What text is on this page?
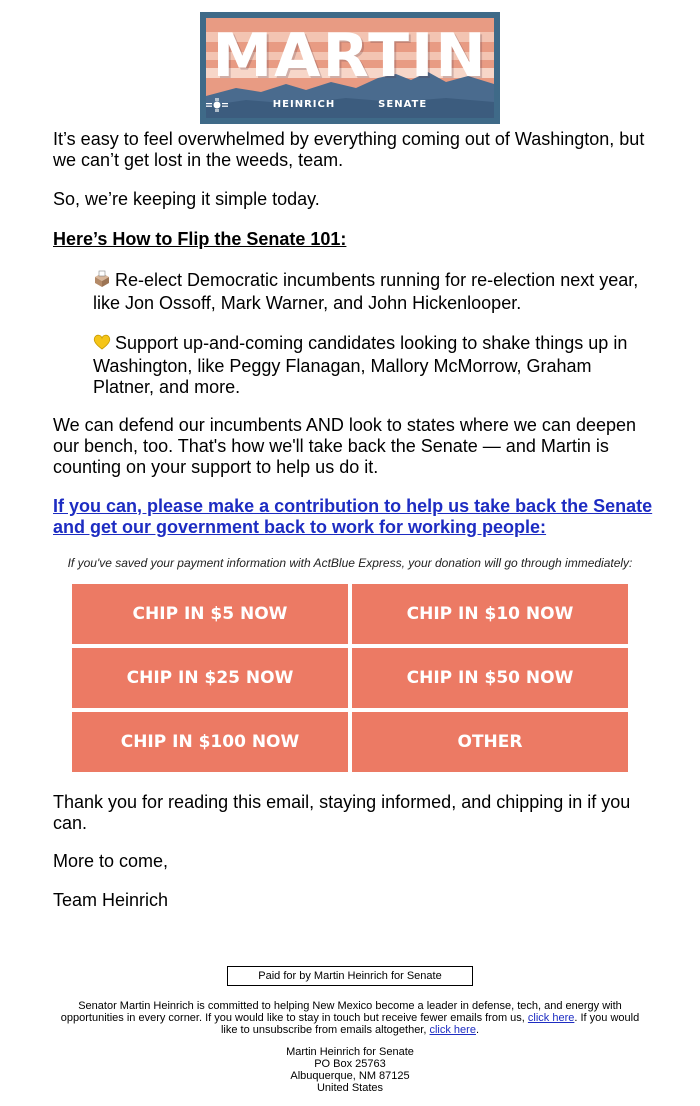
MARTIN
HEINRICH	SENATE
It’s easy to feel overwhelmed by everything coming out of Washington, but we can’t get lost in the weeds, team.
So, we’re keeping it simple today.
Here’s How to Flip the Senate 101:
Re-elect Democratic incumbents running for re-election next year, like Jon Ossoff, Mark Warner, and John Hickenlooper.
Support up-and-coming candidates looking to shake things up in Washington, like Peggy Flanagan, Mallory McMorrow, Graham Platner, and more.
We can defend our incumbents AND look to states where we can deepen our bench, too. That's how we'll take back the Senate — and Martin is counting on your support to help us do it.
If you can, please make a contribution to help us take back the Senate and get our government back to work for working people:
If you've saved your payment information with ActBlue Express, your donation will go through immediately:
CHIP IN $5 NOW	CHIP IN $10 NOW
CHIP IN $25 NOW	CHIP IN $50 NOW
CHIP IN $100 NOW	OTHER
Thank you for reading this email, staying informed, and chipping in if you can.
More to come,
Team Heinrich
Paid for by Martin Heinrich for Senate
Senator Martin Heinrich is committed to helping New Mexico become a leader in defense, tech, and energy with opportunities in every corner. If you would like to stay in touch but receive fewer emails from us, click here. If you would like to unsubscribe from emails altogether, click here.
Martin Heinrich for Senate
PO Box 25763
Albuquerque, NM 87125
United States
